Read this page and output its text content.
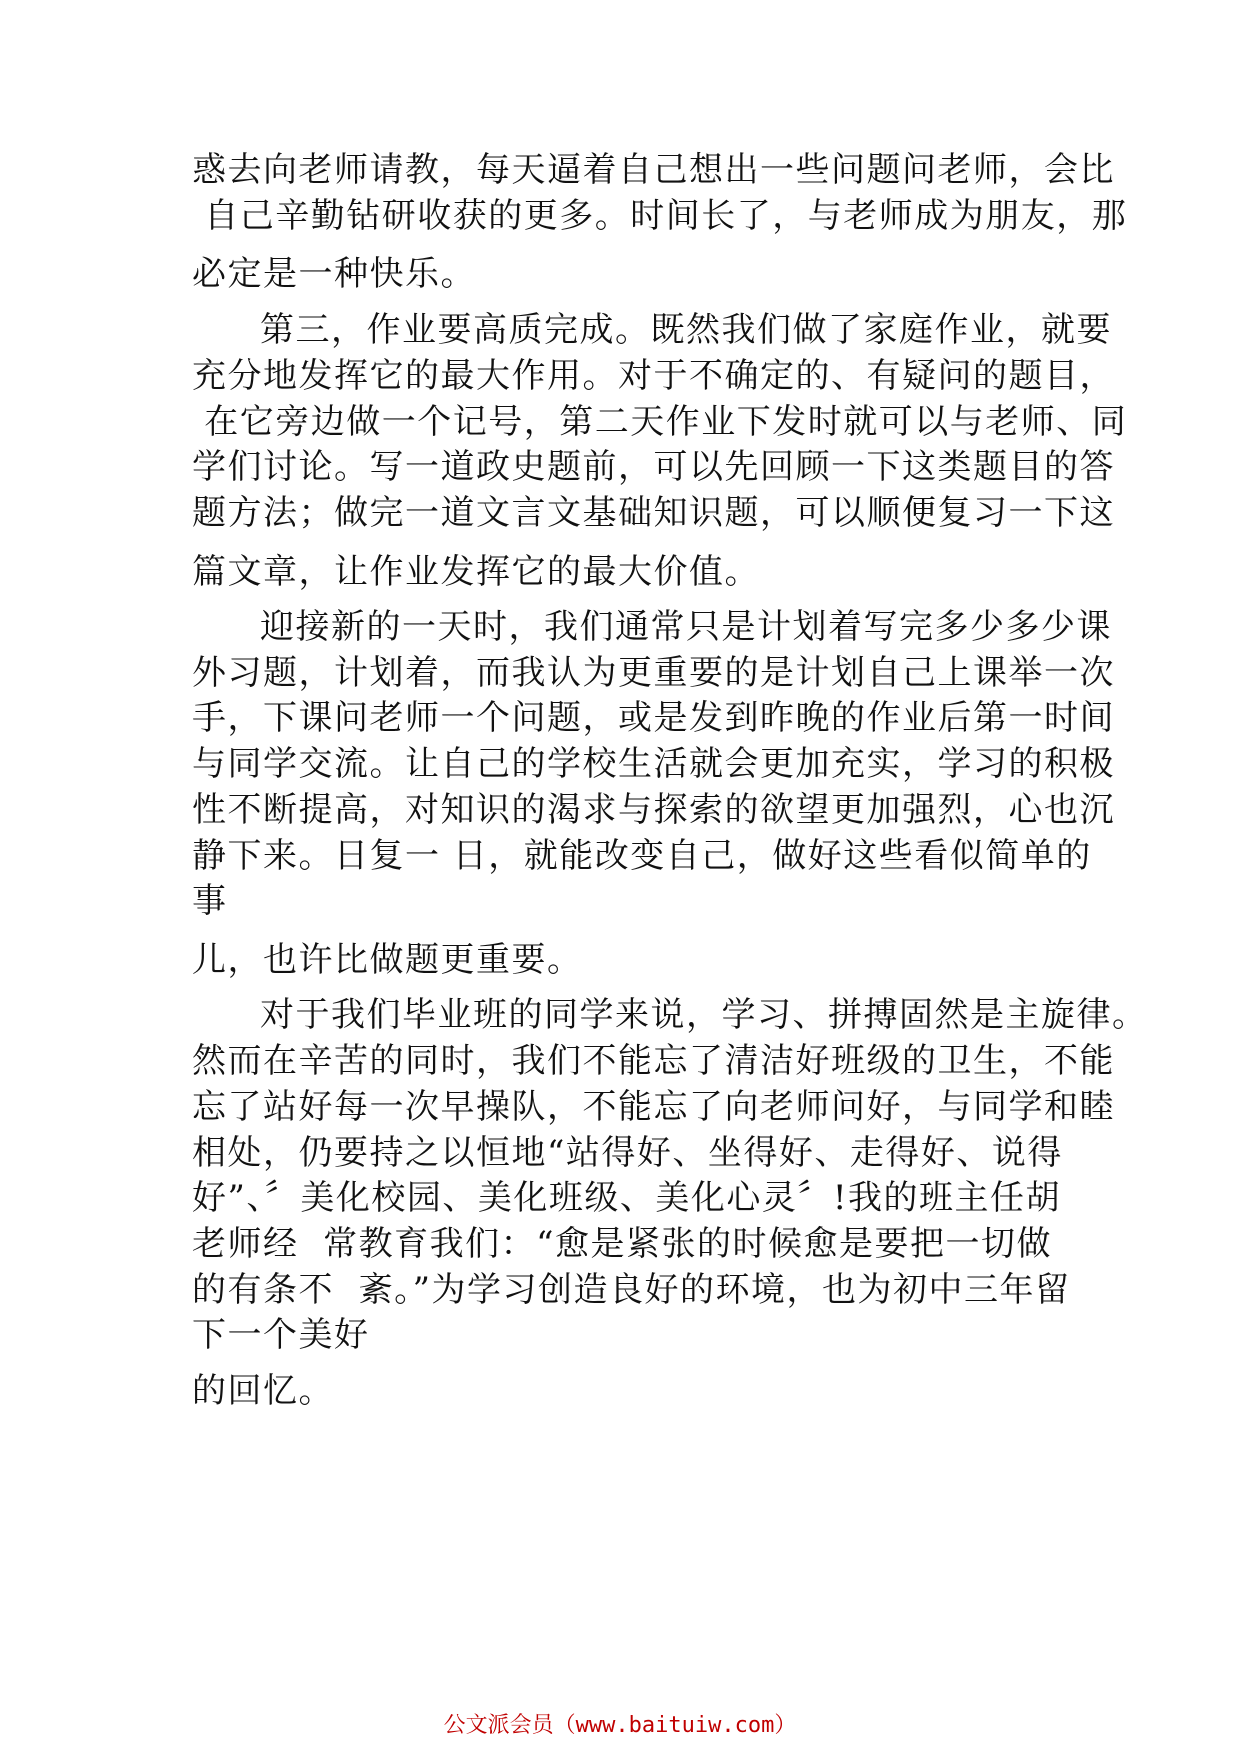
惑去向老师请教，每天逼着自己想出一些问题问老师，会比
自己辛勤钻研收获的更多。时间长了，与老师成为朋友，那
必定是一种快乐。
第三，作业要高质完成。既然我们做了家庭作业，就要
充分地发挥它的最大作用。对于不确定的、有疑问的题目，
在它旁边做一个记号，第二天作业下发时就可以与老师、同
学们讨论。写一道政史题前，可以先回顾一下这类题目的答
题方法；做完一道文言文基础知识题，可以顺便复习一下这
篇文章，让作业发挥它的最大价值。
迎接新的一天时，我们通常只是计划着写完多少多少课
外习题，计划着，而我认为更重要的是计划自己上课举一次
手，下课问老师一个问题，或是发到昨晚的作业后第一时间
与同学交流。让自己的学校生活就会更加充实，学习的积极
性不断提高，对知识的渴求与探索的欲望更加强烈，心也沉
静下来。日复一 日，就能改变自己，做好这些看似简单的
事
儿，也许比做题更重要。
对于我们毕业班的同学来说，学习、拼搏固然是主旋律。
然而在辛苦的同时，我们不能忘了清洁好班级的卫生，不能
忘了站好每一次早操队，不能忘了向老师问好，与同学和睦
相处，仍要持之以恒地“站得好、坐得好、走得好、说得
好”、〞美化校园、美化班级、美化心灵〞!我的班主任胡
老师经  常教育我们：“愈是紧张的时候愈是要把一切做
的有条不  紊。”为学习创造良好的环境，也为初中三年留
下一个美好
的回忆。
公文派会员（www.baituiw.com）
